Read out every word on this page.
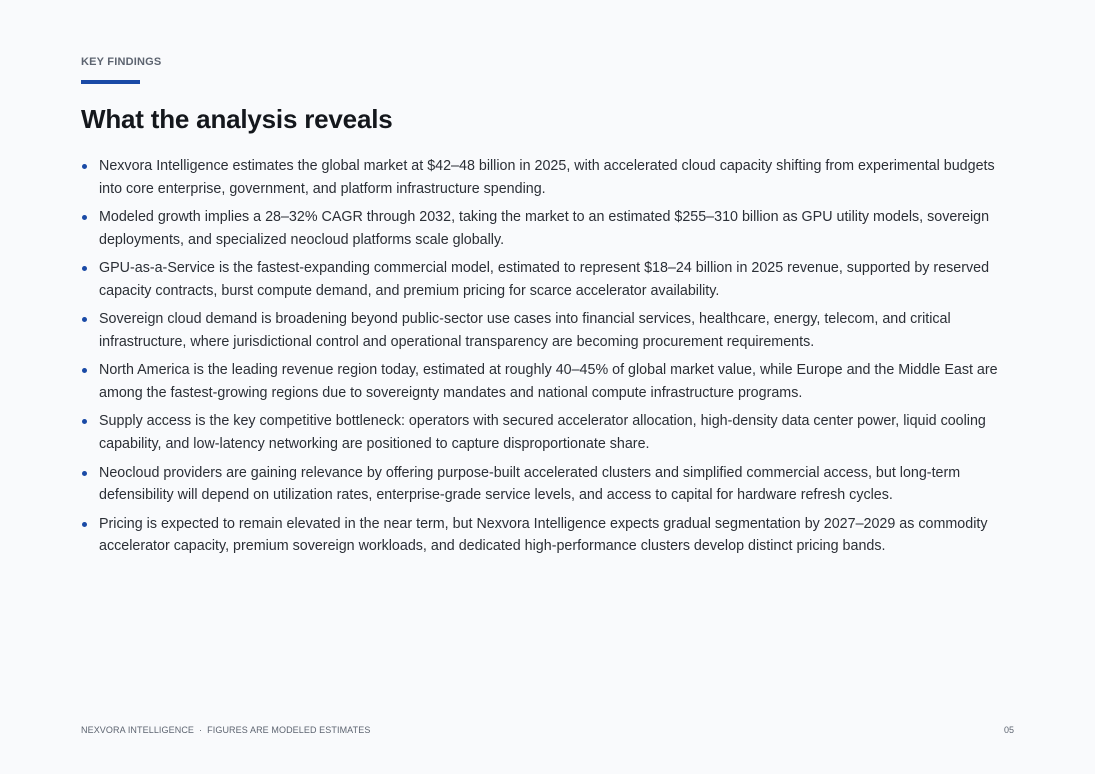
KEY FINDINGS
What the analysis reveals
Nexvora Intelligence estimates the global market at $42–48 billion in 2025, with accelerated cloud capacity shifting from experimental budgets into core enterprise, government, and platform infrastructure spending.
Modeled growth implies a 28–32% CAGR through 2032, taking the market to an estimated $255–310 billion as GPU utility models, sovereign deployments, and specialized neocloud platforms scale globally.
GPU-as-a-Service is the fastest-expanding commercial model, estimated to represent $18–24 billion in 2025 revenue, supported by reserved capacity contracts, burst compute demand, and premium pricing for scarce accelerator availability.
Sovereign cloud demand is broadening beyond public-sector use cases into financial services, healthcare, energy, telecom, and critical infrastructure, where jurisdictional control and operational transparency are becoming procurement requirements.
North America is the leading revenue region today, estimated at roughly 40–45% of global market value, while Europe and the Middle East are among the fastest-growing regions due to sovereignty mandates and national compute infrastructure programs.
Supply access is the key competitive bottleneck: operators with secured accelerator allocation, high-density data center power, liquid cooling capability, and low-latency networking are positioned to capture disproportionate share.
Neocloud providers are gaining relevance by offering purpose-built accelerated clusters and simplified commercial access, but long-term defensibility will depend on utilization rates, enterprise-grade service levels, and access to capital for hardware refresh cycles.
Pricing is expected to remain elevated in the near term, but Nexvora Intelligence expects gradual segmentation by 2027–2029 as commodity accelerator capacity, premium sovereign workloads, and dedicated high-performance clusters develop distinct pricing bands.
NEXVORA INTELLIGENCE · FIGURES ARE MODELED ESTIMATES	05
